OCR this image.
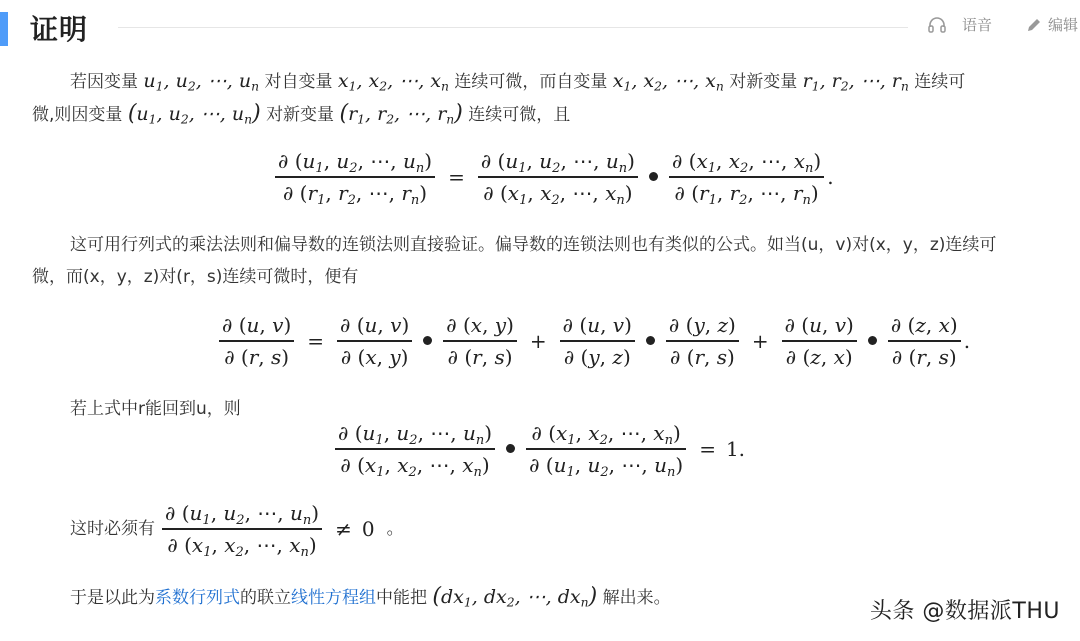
证明	语音	编辑
若因变量 $u_1$, $u_2$, ⋯, $u_n$ 对自变量 $x_1$, $x_2$, ⋯, $x_n$ 连续可微，而自变量 $x_1$, $x_2$, ⋯, $x_n$ 对新变量 $r_1$, $r_2$, ⋯, $r_n$ 连续可
微,则因变量 ($u_1$, $u_2$, ⋯, $u_n$) 对新变量 ($r_1$, $r_2$, ⋯, $r_n$) 连续可微，且
$\frac{\partial (u_1, u_2, \cdots, u_n)}{\partial (r_1, r_2, \cdots, r_n)} = \frac{\partial (u_1, u_2, \cdots, u_n)}{\partial (x_1, x_2, \cdots, x_n)} \frac{\partial (x_1, x_2, \cdots, x_n)}{\partial (r_1, r_2, \cdots, r_n)}$ .
这可用行列式的乘法法则和偏导数的连锁法则直接验证。偏导数的连锁法则也有类似的公式。如当(u，v)对(x，y，z)连续可
微，而(x，y，z)对(r，s)连续可微时，便有
$\frac{\partial (u, v)}{\partial (r, s)} = \frac{\partial (u, v)}{\partial (x, y)} \frac{\partial (x, y)}{\partial (r, s)} + \frac{\partial (u, v)}{\partial (y, z)} \frac{\partial (y, z)}{\partial (r, s)} + \frac{\partial (u, v)}{\partial (z, x)} \frac{\partial (z, x)}{\partial (r, s)}$ .
若上式中r能回到u，则
$\frac{\partial (u_1, u_2, \cdots, u_n)}{\partial (x_1, x_2, \cdots, x_n)} \frac{\partial (x_1, x_2, \cdots, x_n)}{\partial (u_1, u_2, \cdots, u_n)} = 1$.
这时必须有 $\frac{\partial (u_1, u_2, \cdots, u_n)}{\partial (x_1, x_2, \cdots, x_n)} \ne 0$ 。
于是以此为系数行列式的联立线性方程组中能把 ($dx_1$, $dx_2$, ⋯, $dx_n$) 解出来。
头条 @数据派THU
